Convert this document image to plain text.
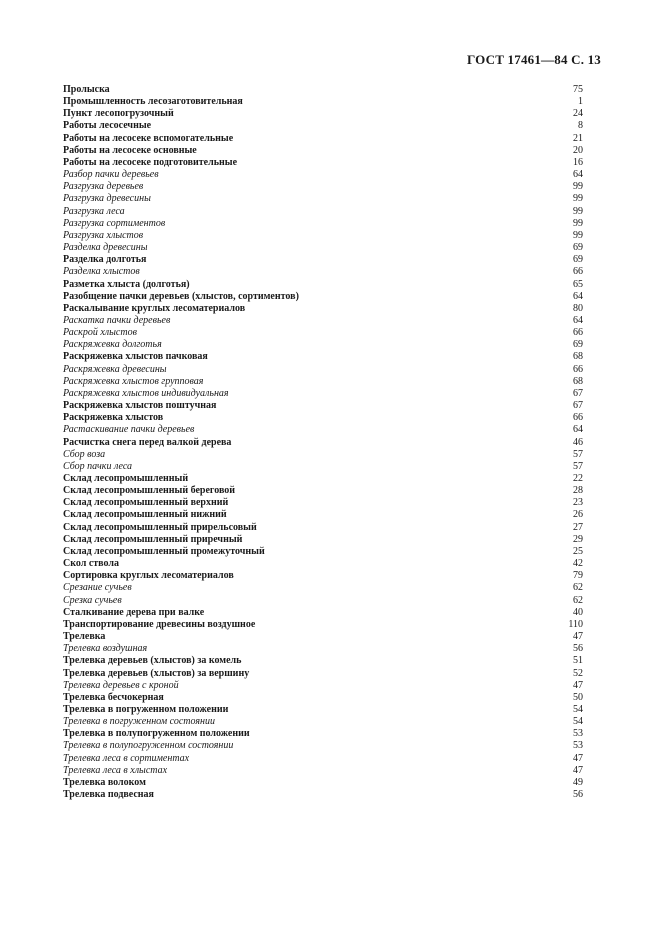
ГОСТ 17461—84 С. 13
Пролыска	75
Промышленность лесозаготовительная	1
Пункт лесопогрузочный	24
Работы лесосечные	8
Работы на лесосеке вспомогательные	21
Работы на лесосеке основные	20
Работы на лесосеке подготовительные	16
Разбор пачки деревьев	64
Разгрузка деревьев	99
Разгрузка древесины	99
Разгрузка леса	99
Разгрузка сортиментов	99
Разгрузка хлыстов	99
Разделка древесины	69
Разделка долготья	69
Разделка хлыстов	66
Разметка хлыста (долготья)	65
Разобщение пачки деревьев (хлыстов, сортиментов)	64
Раскалывание круглых лесоматериалов	80
Раскатка пачки деревьев	64
Раскрой хлыстов	66
Раскряжевка долготья	69
Раскряжевка хлыстов пачковая	68
Раскряжевка древесины	66
Раскряжевка хлыстов групповая	68
Раскряжевка хлыстов индивидуальная	67
Раскряжевка хлыстов поштучная	67
Раскряжевка хлыстов	66
Растаскивание пачки деревьев	64
Расчистка снега перед валкой дерева	46
Сбор воза	57
Сбор пачки леса	57
Склад лесопромышленный	22
Склад лесопромышленный береговой	28
Склад лесопромышленный верхний	23
Склад лесопромышленный нижний	26
Склад лесопромышленный прирельсовый	27
Склад лесопромышленный приречный	29
Склад лесопромышленный промежуточный	25
Скол ствола	42
Сортировка круглых лесоматериалов	79
Срезание сучьев	62
Срезка сучьев	62
Сталкивание дерева при валке	40
Транспортирование древесины воздушное	110
Трелевка	47
Трелевка воздушная	56
Трелевка деревьев (хлыстов) за комель	51
Трелевка деревьев (хлыстов) за вершину	52
Трелевка деревьев с кроной	47
Трелевка бесчокерная	50
Трелевка в погруженном положении	54
Трелевка в погруженном состоянии	54
Трелевка в полупогруженном положении	53
Трелевка в полупогруженном состоянии	53
Трелевка леса в сортиментах	47
Трелевка леса в хлыстах	47
Трелевка волоком	49
Трелевка подвесная	56
